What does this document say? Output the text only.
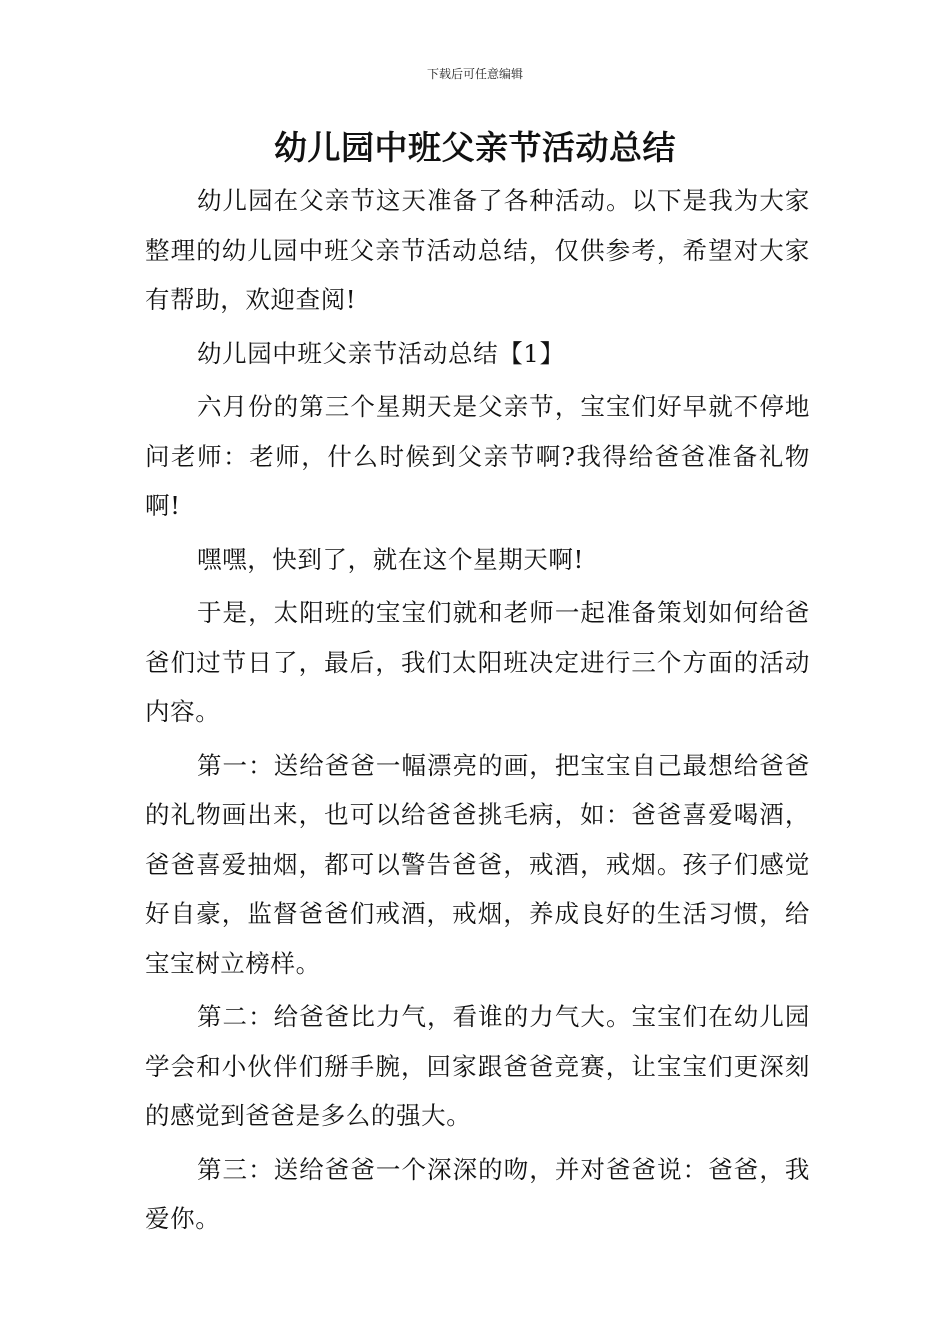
下载后可任意编辑
幼儿园中班父亲节活动总结

幼儿园在父亲节这天准备了各种活动。以下是我为大家整理的幼儿园中班父亲节活动总结，仅供参考，希望对大家有帮助，欢迎查阅!

幼儿园中班父亲节活动总结【1】

六月份的第三个星期天是父亲节，宝宝们好早就不停地问老师：老师，什么时候到父亲节啊?我得给爸爸准备礼物啊!

嘿嘿，快到了，就在这个星期天啊!

于是，太阳班的宝宝们就和老师一起准备策划如何给爸爸们过节日了，最后，我们太阳班决定进行三个方面的活动内容。

第一：送给爸爸一幅漂亮的画，把宝宝自己最想给爸爸的礼物画出来，也可以给爸爸挑毛病，如：爸爸喜爱喝酒，爸爸喜爱抽烟，都可以警告爸爸，戒酒，戒烟。孩子们感觉好自豪，监督爸爸们戒酒，戒烟，养成良好的生活习惯，给宝宝树立榜样。

第二：给爸爸比力气，看谁的力气大。宝宝们在幼儿园学会和小伙伴们掰手腕，回家跟爸爸竞赛，让宝宝们更深刻的感觉到爸爸是多么的强大。

第三：送给爸爸一个深深的吻，并对爸爸说：爸爸，我爱你。
